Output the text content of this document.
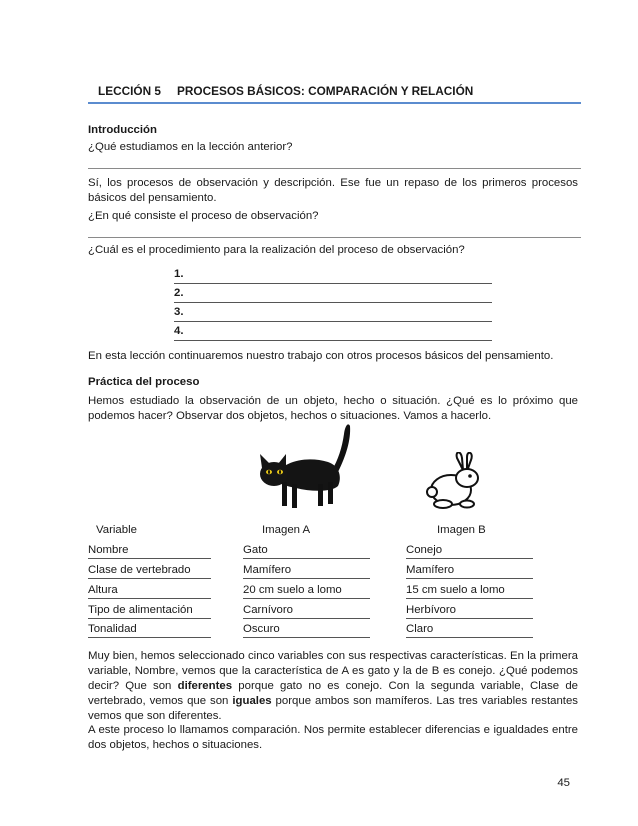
LECCIÓN 5 PROCESOS BÁSICOS: COMPARACIÓN Y RELACIÓN
Introducción
¿Qué estudiamos en la lección anterior?
Sí, los procesos de observación y descripción. Ese fue un repaso de los primeros procesos básicos del pensamiento.
¿En qué consiste el proceso de observación?
¿Cuál es el procedimiento para la realización del proceso de observación?
1.
2.
3.
4.
En esta lección continuaremos nuestro trabajo con otros procesos básicos del pensamiento.
Práctica del proceso
Hemos estudiado la observación de un objeto, hecho o situación. ¿Qué es lo próximo que podemos hacer? Observar dos objetos, hechos o situaciones. Vamos a hacerlo.
Variable	Imagen A	Imagen B
Nombre	Gato	Conejo
Clase de vertebrado	Mamífero	Mamífero
Altura	20 cm suelo a lomo	15 cm suelo a lomo
Tipo de alimentación	Carnívoro	Herbívoro
Tonalidad	Oscuro	Claro
Muy bien, hemos seleccionado cinco variables con sus respectivas características. En la primera variable, Nombre, vemos que la característica de A es gato y la de B es conejo. ¿Qué podemos decir? Que son diferentes porque gato no es conejo. Con la segunda variable, Clase de vertebrado, vemos que son iguales porque ambos son mamíferos. Las tres variables restantes vemos que son diferentes.
A este proceso lo llamamos comparación. Nos permite establecer diferencias e igualdades entre dos objetos, hechos o situaciones.
45
